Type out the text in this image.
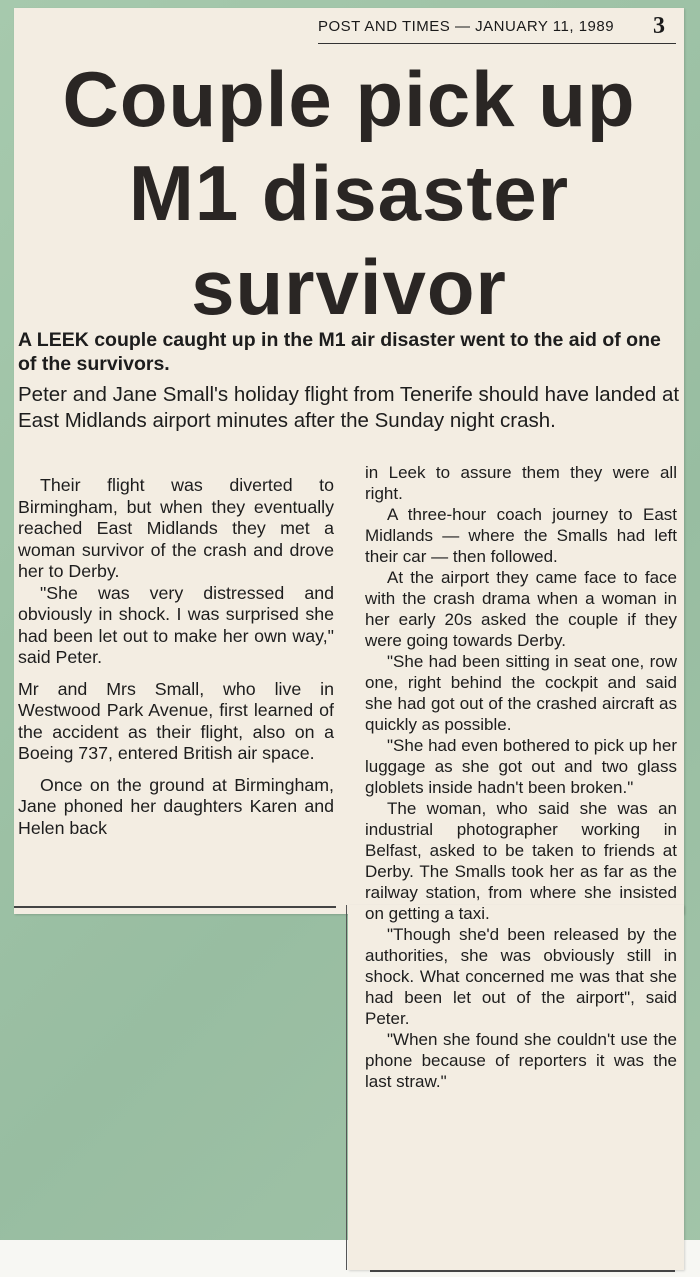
POST AND TIMES — JANUARY 11, 1989 3
Couple pick up
M1 disaster
survivor
A LEEK couple caught up in the M1 air disaster went to the aid of one of the survivors.
Peter and Jane Small's holiday flight from Tenerife should have landed at East Midlands airport minutes after the Sunday night crash.

Their flight was diverted to Birmingham, but when they eventually reached East Midlands they met a woman survivor of the crash and drove her to Derby.

"She was very distressed and obviously in shock. I was surprised she had been let out to make her own way," said Peter.

Mr and Mrs Small, who live in Westwood Park Avenue, first learned of the accident as their flight, also on a Boeing 737, entered British air space.

Once on the ground at Birmingham, Jane phoned her daughters Karen and Helen back

in Leek to assure them they were all right.

A three-hour coach journey to East Midlands — where the Smalls had left their car — then followed.

At the airport they came face to face with the crash drama when a woman in her early 20s asked the couple if they were going towards Derby.

"She had been sitting in seat one, row one, right behind the cockpit and said she had got out of the crashed aircraft as quickly as possible.

"She had even bothered to pick up her luggage as she got out and two glass globlets inside hadn't been broken."

The woman, who said she was an industrial photographer working in Belfast, asked to be taken to friends at Derby. The Smalls took her as far as the railway station, from where she insisted on getting a taxi.

"Though she'd been released by the authorities, she was obviously still in shock. What concerned me was that she had been let out of the airport", said Peter.

"When she found she couldn't use the phone because of reporters it was the last straw."
